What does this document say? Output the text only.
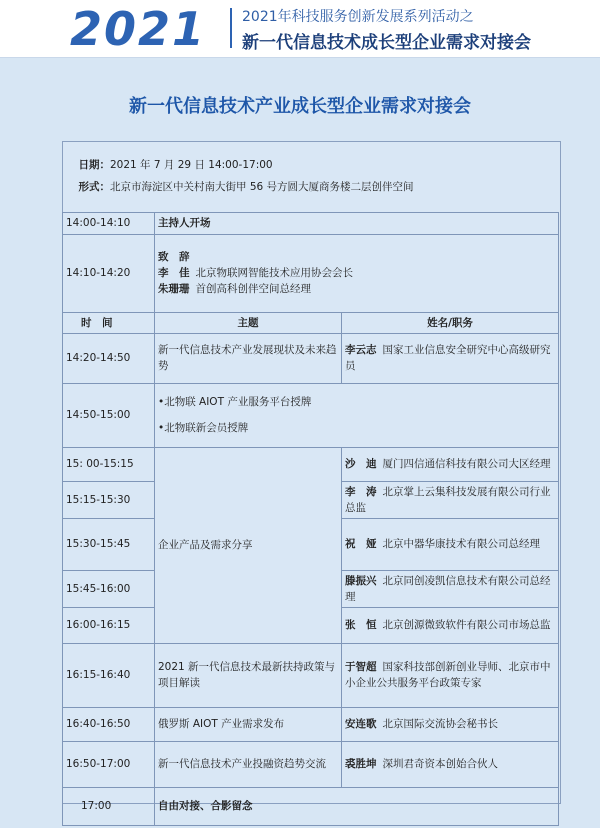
2021	2021年科技服务创新发展系列活动之
新一代信息技术成长型企业需求对接会
新一代信息技术产业成长型企业需求对接会
日期：2021 年 7 月 29 日 14:00-17:00
形式：北京市海淀区中关村南大街甲 56 号方圆大厦商务楼二层创伴空间		

14:00-14:10	主持人开场	
14:10-14:20	致　辞
李　佳 北京物联网智能技术应用协会会长
朱珊珊 首创高科创伴空间总经理	

时　间	主题	姓名/职务
14:20-14:50	新一代信息技术产业发展现状及未来趋势	李云志 国家工业信息安全研究中心高级研究员
14:50-15:00	•北物联 AIOT 产业服务平台授牌
•北物联新会员授牌	

15: 00-15:15	企业产品及需求分享	沙　迪 厦门四信通信科技有限公司大区经理
15:15-15:30		李　涛 北京掌上云集科技发展有限公司行业总监
15:30-15:45		祝　娅 北京中器华康技术有限公司总经理
15:45-16:00		滕振兴 北京同创凌凯信息技术有限公司总经理
16:00-16:15		张　恒 北京创源微致软件有限公司市场总监
16:15-16:40	2021 新一代信息技术最新扶持政策与项目解读	于智超 国家科技部创新创业导师、北京市中小企业公共服务平台政策专家
16:40-16:50	俄罗斯 AIOT 产业需求发布	安连歌 北京国际交流协会秘书长
16:50-17:00	新一代信息技术产业投融资趋势交流	裘胜坤 深圳君奇资本创始合伙人
17:00	自由对接、合影留念	
